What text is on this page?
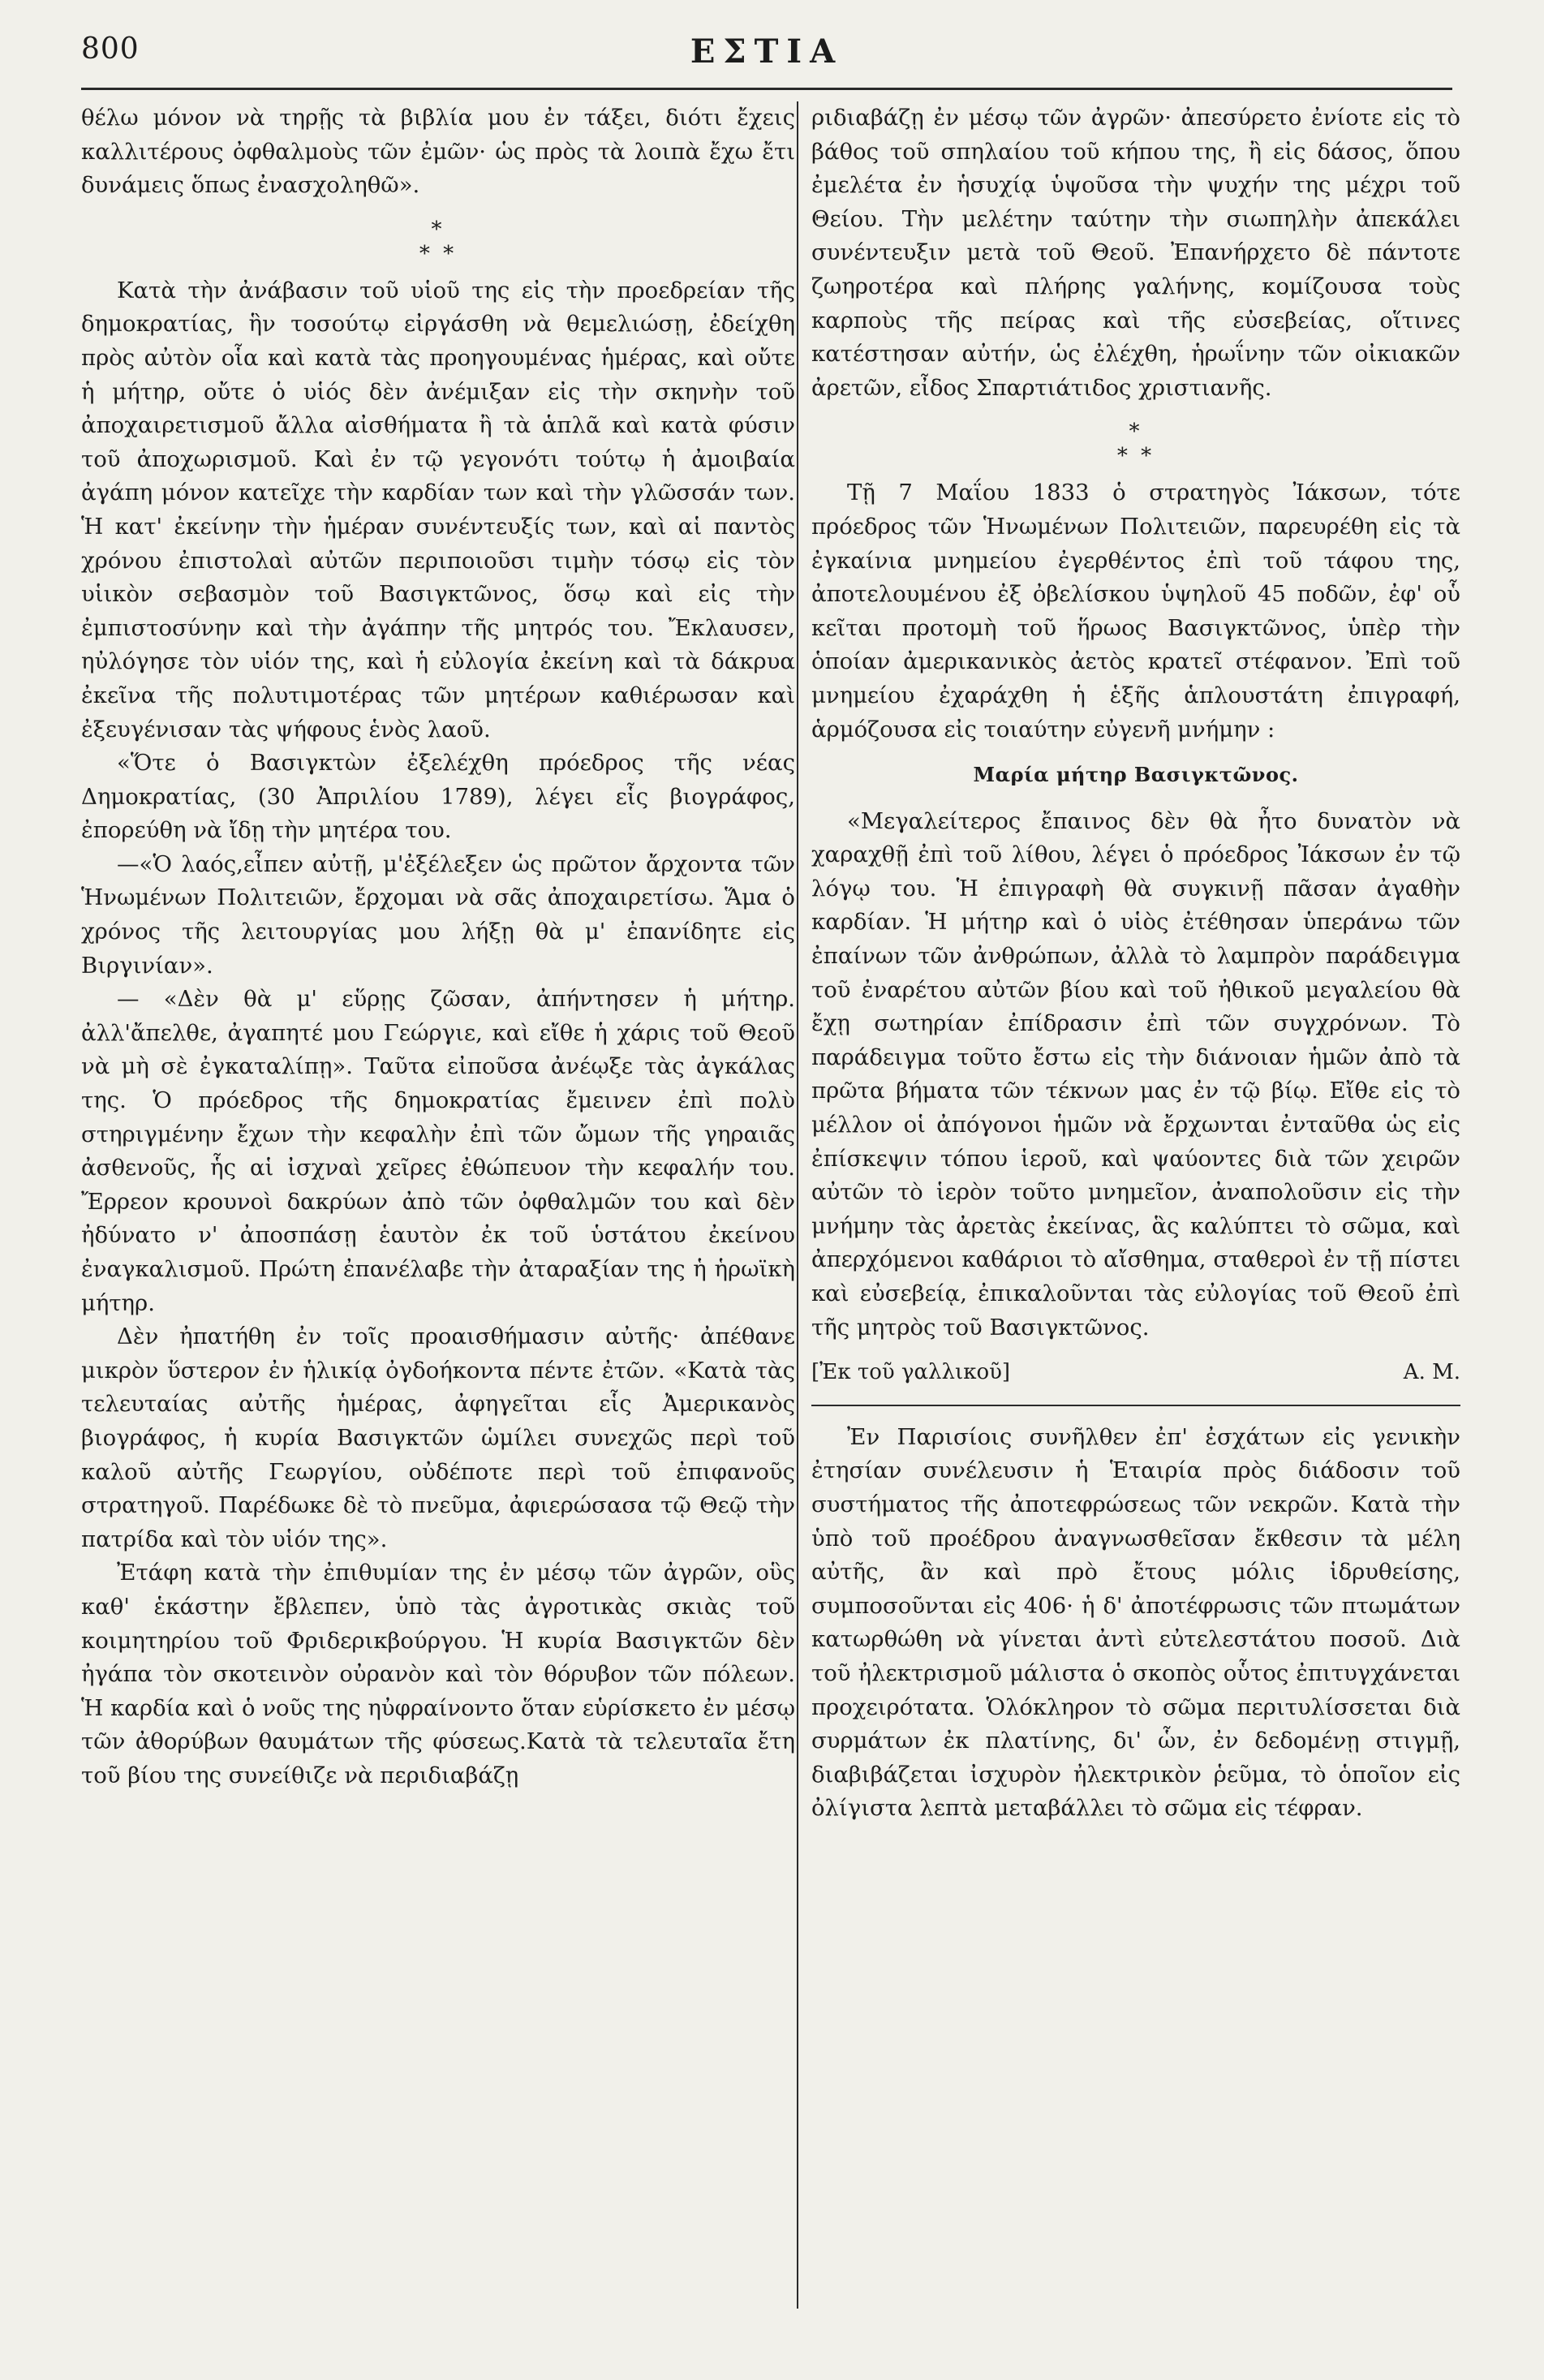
800	ΕΣΤΙΑ

θέλω μόνον νὰ τηρῇς τὰ βιβλία μου ἐν τάξει, διότι ἔχεις καλλιτέρους ὀφθαλμοὺς τῶν ἐμῶν· ὡς πρὸς τὰ λοιπὰ ἔχω ἔτι δυνάμεις ὅπως ἐνασχοληθῶ».

*
* *

Κατὰ τὴν ἀνάβασιν τοῦ υἱοῦ της εἰς τὴν προεδρείαν τῆς δημοκρατίας, ἣν τοσούτῳ εἰργάσθη νὰ θεμελιώσῃ, ἐδείχθη πρὸς αὐτὸν οἷα καὶ κατὰ τὰς προηγουμένας ἡμέρας, καὶ οὔτε ἡ μήτηρ, οὔτε ὁ υἱός δὲν ἀνέμιξαν εἰς τὴν σκηνὴν τοῦ ἀποχαιρετισμοῦ ἄλλα αἰσθήματα ἢ τὰ ἁπλᾶ καὶ κατὰ φύσιν τοῦ ἀποχωρισμοῦ. Καὶ ἐν τῷ γεγονότι τούτῳ ἡ ἀμοιβαία ἀγάπη μόνον κατεῖχε τὴν καρδίαν των καὶ τὴν γλῶσσάν των. Ἡ κατ' ἐκείνην τὴν ἡμέραν συνέντευξίς των, καὶ αἱ παντὸς χρόνου ἐπιστολαὶ αὐτῶν περιποιοῦσι τιμὴν τόσῳ εἰς τὸν υἱικὸν σεβασμὸν τοῦ Βασιγκτῶνος, ὅσῳ καὶ εἰς τὴν ἐμπιστοσύνην καὶ τὴν ἀγάπην τῆς μητρός του. Ἔκλαυσεν, ηὐλόγησε τὸν υἱόν της, καὶ ἡ εὐλογία ἐκείνη καὶ τὰ δάκρυα ἐκεῖνα τῆς πολυτιμοτέρας τῶν μητέρων καθιέρωσαν καὶ ἐξευγένισαν τὰς ψήφους ἑνὸς λαοῦ.

«Ὅτε ὁ Βασιγκτὼν ἐξελέχθη πρόεδρος τῆς νέας Δημοκρατίας, (30 Ἀπριλίου 1789), λέγει εἷς βιογράφος, ἐπορεύθη νὰ ἴδῃ τὴν μητέρα του.

—«Ὁ λαός,εἶπεν αὐτῇ, μ'ἐξέλεξεν ὡς πρῶτον ἄρχοντα τῶν Ἡνωμένων Πολιτειῶν, ἔρχομαι νὰ σᾶς ἀποχαιρετίσω. Ἅμα ὁ χρόνος τῆς λειτουργίας μου λήξῃ θὰ μ' ἐπανίδητε εἰς Βιργινίαν».

— «Δὲν θὰ μ' εὕρῃς ζῶσαν, ἀπήντησεν ἡ μήτηρ. ἀλλ'ἄπελθε, ἀγαπητέ μου Γεώργιε, καὶ εἴθε ἡ χάρις τοῦ Θεοῦ νὰ μὴ σὲ ἐγκαταλίπῃ». Ταῦτα εἰποῦσα ἀνέῳξε τὰς ἀγκάλας της. Ὁ πρόεδρος τῆς δημοκρατίας ἔμεινεν ἐπὶ πολὺ στηριγμένην ἔχων τὴν κεφαλὴν ἐπὶ τῶν ὤμων τῆς γηραιᾶς ἀσθενοῦς, ἧς αἱ ἰσχναὶ χεῖρες ἐθώπευον τὴν κεφαλήν του. Ἔρρεον κρουνοὶ δακρύων ἀπὸ τῶν ὀφθαλμῶν του καὶ δὲν ἠδύνατο ν' ἀποσπάσῃ ἑαυτὸν ἐκ τοῦ ὑστάτου ἐκείνου ἐναγκαλισμοῦ. Πρώτη ἐπανέλαβε τὴν ἀταραξίαν της ἡ ἡρωϊκὴ μήτηρ.

Δὲν ἠπατήθη ἐν τοῖς προαισθήμασιν αὐτῆς· ἀπέθανε μικρὸν ὕστερον ἐν ἡλικίᾳ ὀγδοήκοντα πέντε ἐτῶν. «Κατὰ τὰς τελευταίας αὐτῆς ἡμέρας, ἀφηγεῖται εἷς Ἀμερικανὸς βιογράφος, ἡ κυρία Βασιγκτῶν ὡμίλει συνεχῶς περὶ τοῦ καλοῦ αὐτῆς Γεωργίου, οὐδέποτε περὶ τοῦ ἐπιφανοῦς στρατηγοῦ. Παρέδωκε δὲ τὸ πνεῦμα, ἀφιερώσασα τῷ Θεῷ τὴν πατρίδα καὶ τὸν υἱόν της».

Ἐτάφη κατὰ τὴν ἐπιθυμίαν της ἐν μέσῳ τῶν ἀγρῶν, οὓς καθ' ἑκάστην ἔβλεπεν, ὑπὸ τὰς ἀγροτικὰς σκιὰς τοῦ κοιμητηρίου τοῦ Φριδερικβούργου. Ἡ κυρία Βασιγκτῶν δὲν ἠγάπα τὸν σκοτεινὸν οὐρανὸν καὶ τὸν θόρυβον τῶν πόλεων. Ἡ καρδία καὶ ὁ νοῦς της ηὐφραίνοντο ὅταν εὑρίσκετο ἐν μέσῳ τῶν ἀθορύβων θαυμάτων τῆς φύσεως.Κατὰ τὰ τελευταῖα ἔτη τοῦ βίου της συνείθιζε νὰ περιδιαβάζῃ

ριδιαβάζῃ ἐν μέσῳ τῶν ἀγρῶν· ἀπεσύρετο ἐνίοτε εἰς τὸ βάθος τοῦ σπηλαίου τοῦ κήπου της, ἢ εἰς δάσος, ὅπου ἐμελέτα ἐν ἡσυχίᾳ ὑψοῦσα τὴν ψυχήν της μέχρι τοῦ Θείου. Τὴν μελέτην ταύτην τὴν σιωπηλὴν ἀπεκάλει συνέντευξιν μετὰ τοῦ Θεοῦ. Ἐπανήρχετο δὲ πάντοτε ζωηροτέρα καὶ πλήρης γαλήνης, κομίζουσα τοὺς καρποὺς τῆς πείρας καὶ τῆς εὐσεβείας, οἵτινες κατέστησαν αὐτήν, ὡς ἐλέχθη, ἡρωΐνην τῶν οἰκιακῶν ἀρετῶν, εἶδος Σπαρτιάτιδος χριστιανῆς.

*
* *

Τῇ 7 Μαΐου 1833 ὁ στρατηγὸς Ἰάκσων, τότε πρόεδρος τῶν Ἡνωμένων Πολιτειῶν, παρευρέθη εἰς τὰ ἐγκαίνια μνημείου ἐγερθέντος ἐπὶ τοῦ τάφου της, ἀποτελουμένου ἐξ ὀβελίσκου ὑψηλοῦ 45 ποδῶν, ἐφ' οὗ κεῖται προτομὴ τοῦ ἥρωος Βασιγκτῶνος, ὑπὲρ τὴν ὁποίαν ἀμερικανικὸς ἀετὸς κρατεῖ στέφανον. Ἐπὶ τοῦ μνημείου ἐχαράχθη ἡ ἑξῆς ἁπλουστάτη ἐπιγραφή, ἁρμόζουσα εἰς τοιαύτην εὐγενῆ μνήμην :

Μαρία μήτηρ Βασιγκτῶνος.

«Μεγαλείτερος ἔπαινος δὲν θὰ ἦτο δυνατὸν νὰ χαραχθῇ ἐπὶ τοῦ λίθου, λέγει ὁ πρόεδρος Ἰάκσων ἐν τῷ λόγῳ του. Ἡ ἐπιγραφὴ θὰ συγκινῇ πᾶσαν ἀγαθὴν καρδίαν. Ἡ μήτηρ καὶ ὁ υἱὸς ἐτέθησαν ὑπεράνω τῶν ἐπαίνων τῶν ἀνθρώπων, ἀλλὰ τὸ λαμπρὸν παράδειγμα τοῦ ἐναρέτου αὐτῶν βίου καὶ τοῦ ἠθικοῦ μεγαλείου θὰ ἔχῃ σωτηρίαν ἐπίδρασιν ἐπὶ τῶν συγχρόνων. Τὸ παράδειγμα τοῦτο ἔστω εἰς τὴν διάνοιαν ἡμῶν ἀπὸ τὰ πρῶτα βήματα τῶν τέκνων μας ἐν τῷ βίῳ. Εἴθε εἰς τὸ μέλλον οἱ ἀπόγονοι ἡμῶν νὰ ἔρχωνται ἐνταῦθα ὡς εἰς ἐπίσκεψιν τόπου ἱεροῦ, καὶ ψαύοντες διὰ τῶν χειρῶν αὐτῶν τὸ ἱερὸν τοῦτο μνημεῖον, ἀναπολοῦσιν εἰς τὴν μνήμην τὰς ἀρετὰς ἐκείνας, ἃς καλύπτει τὸ σῶμα, καὶ ἀπερχόμενοι καθάριοι τὸ αἴσθημα, σταθεροὶ ἐν τῇ πίστει καὶ εὐσεβείᾳ, ἐπικαλοῦνται τὰς εὐλογίας τοῦ Θεοῦ ἐπὶ τῆς μητρὸς τοῦ Βασιγκτῶνος.

[Ἐκ τοῦ γαλλικοῦ]	Α. Μ.

Ἐν Παρισίοις συνῆλθεν ἐπ' ἐσχάτων εἰς γενικὴν ἐτησίαν συνέλευσιν ἡ Ἑταιρία πρὸς διάδοσιν τοῦ συστήματος τῆς ἀποτεφρώσεως τῶν νεκρῶν. Κατὰ τὴν ὑπὸ τοῦ προέδρου ἀναγνωσθεῖσαν ἔκθεσιν τὰ μέλη αὐτῆς, ἂν καὶ πρὸ ἔτους μόλις ἱδρυθείσης, συμποσοῦνται εἰς 406· ἡ δ' ἀποτέφρωσις τῶν πτωμάτων κατωρθώθη νὰ γίνεται ἀντὶ εὐτελεστάτου ποσοῦ. Διὰ τοῦ ἠλεκτρισμοῦ μάλιστα ὁ σκοπὸς οὗτος ἐπιτυγχάνεται προχειρότατα. Ὁλόκληρον τὸ σῶμα περιτυλίσσεται διὰ συρμάτων ἐκ πλατίνης, δι' ὧν, ἐν δεδομένῃ στιγμῇ, διαβιβάζεται ἰσχυρὸν ἠλεκτρικὸν ῥεῦμα, τὸ ὁποῖον εἰς ὀλίγιστα λεπτὰ μεταβάλλει τὸ σῶμα εἰς τέφραν.
